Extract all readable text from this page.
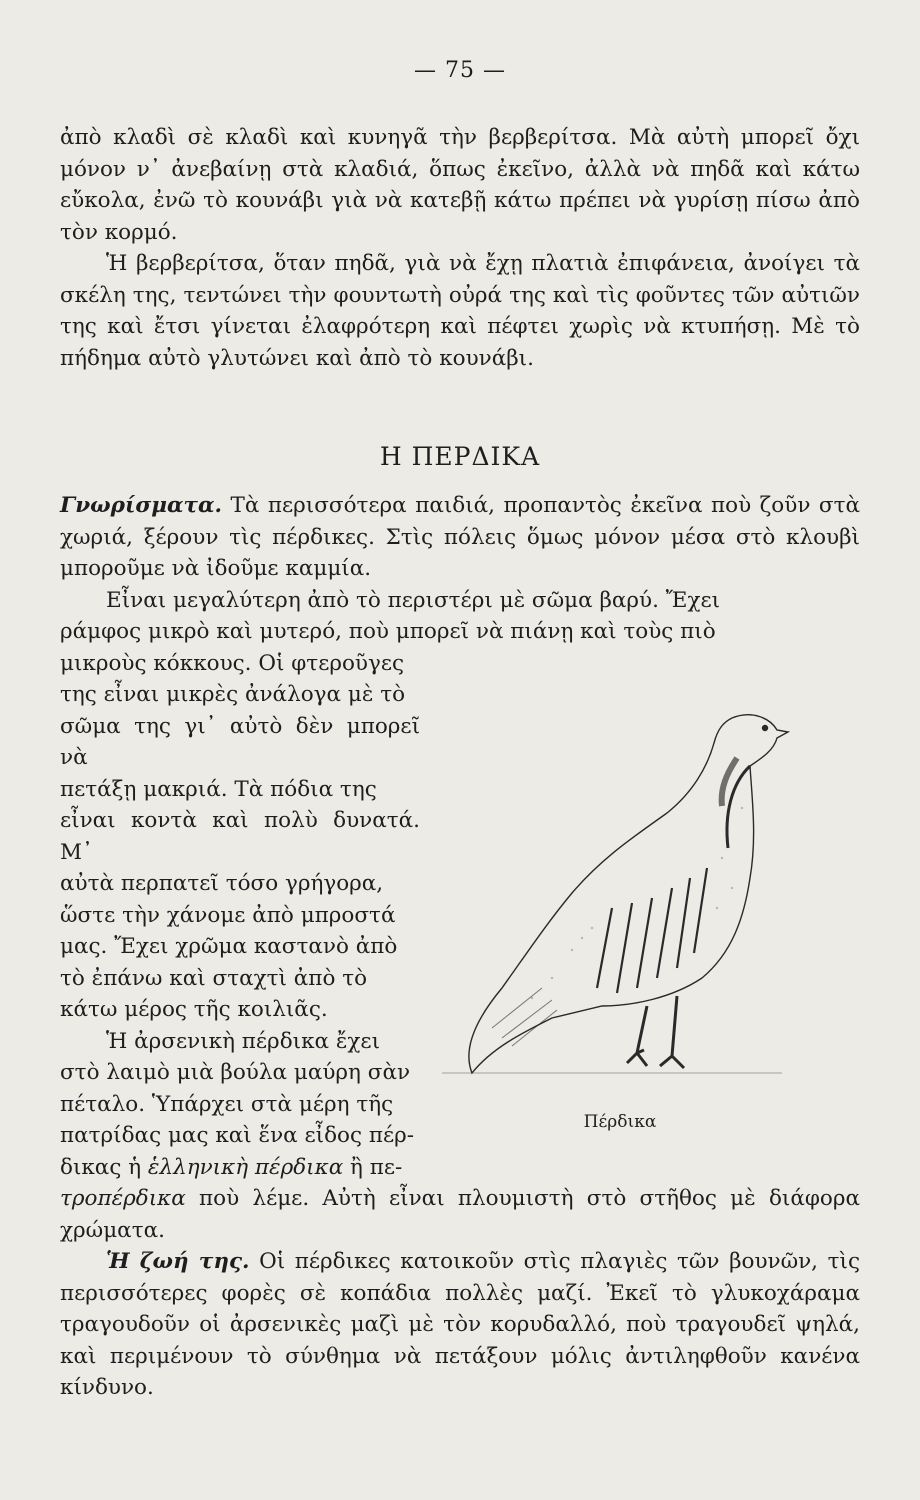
— 75 —

ἀπὸ κλαδὶ σὲ κλαδὶ καὶ κυνηγᾶ τὴν βερβερίτσα. Μὰ αὐτὴ μπορεῖ ὄχι μόνον ν᾽ ἀνεβαίνῃ στὰ κλαδιά, ὅπως ἐκεῖνο, ἀλλὰ νὰ πηδᾶ καὶ κάτω εὔκολα, ἐνῶ τὸ κουνάβι γιὰ νὰ κατεβῇ κάτω πρέπει νὰ γυρίσῃ πίσω ἀπὸ τὸν κορμό.

Ἡ βερβερίτσα, ὅταν πηδᾶ, γιὰ νὰ ἔχῃ πλατιὰ ἐπιφάνεια, ἀνοίγει τὰ σκέλη της, τεντώνει τὴν φουντωτὴ οὐρά της καὶ τὶς φοῦντες τῶν αὐτιῶν της καὶ ἔτσι γίνεται ἐλαφρότερη καὶ πέφτει χωρὶς νὰ κτυπήσῃ. Μὲ τὸ πήδημα αὐτὸ γλυτώνει καὶ ἀπὸ τὸ κουνάβι.

Η ΠΕΡΔΙΚΑ

Γνωρίσματα. Τὰ περισσότερα παιδιά, προπαντὸς ἐκεῖνα ποὺ ζοῦν στὰ χωριά, ξέρουν τὶς πέρδικες. Στὶς πόλεις ὅμως μόνον μέσα στὸ κλουβὶ μποροῦμε νὰ ἰδοῦμε καμμία.

Εἶναι μεγαλύτερη ἀπὸ τὸ περιστέρι μὲ σῶμα βαρύ. Ἔχει

ράμφος μικρὸ καὶ μυτερό, ποὺ μπορεῖ νὰ πιάνῃ καὶ τοὺς πιὸ

μικροὺς κόκκους. Οἱ φτεροῦγες
της εἶναι μικρὲς ἀνάλογα μὲ τὸ
σῶμα της γι᾽ αὐτὸ δὲν μπορεῖ νὰ
πετάξῃ μακριά. Τὰ πόδια της
εἶναι κοντὰ καὶ πολὺ δυνατά. Μ᾽
αὐτὰ περπατεῖ τόσο γρήγορα,
ὥστε τὴν χάνομε ἀπὸ μπροστά
μας. Ἔχει χρῶμα καστανὸ ἀπὸ
τὸ ἐπάνω καὶ σταχτὶ ἀπὸ τὸ
κάτω μέρος τῆς κοιλιᾶς.
Ἡ ἀρσενικὴ πέρδικα ἔχει
στὸ λαιμὸ μιὰ βούλα μαύρη σὰν
πέταλο. Ὑπάρχει στὰ μέρη τῆς
πατρίδας μας καὶ ἕνα εἶδος πέρ-

δικας ἡ ἑλληνικὴ πέρδικα ἢ πε-
τροπέρδικα ποὺ λέμε. Αὐτὴ εἶναι πλουμιστὴ στὸ στῆθος μὲ διάφορα χρώματα.

Ἡ ζωή της. Οἱ πέρδικες κατοικοῦν στὶς πλαγιὲς τῶν βουνῶν, τὶς περισσότερες φορὲς σὲ κοπάδια πολλὲς μαζί. Ἐκεῖ τὸ γλυκοχάραμα τραγουδοῦν οἱ ἀρσενικὲς μαζὶ μὲ τὸν κορυδαλλό, ποὺ τραγουδεῖ ψηλά, καὶ περιμένουν τὸ σύνθημα νὰ πετάξουν μόλις ἀντιληφθοῦν κανένα κίνδυνο.

Πέρδικα
